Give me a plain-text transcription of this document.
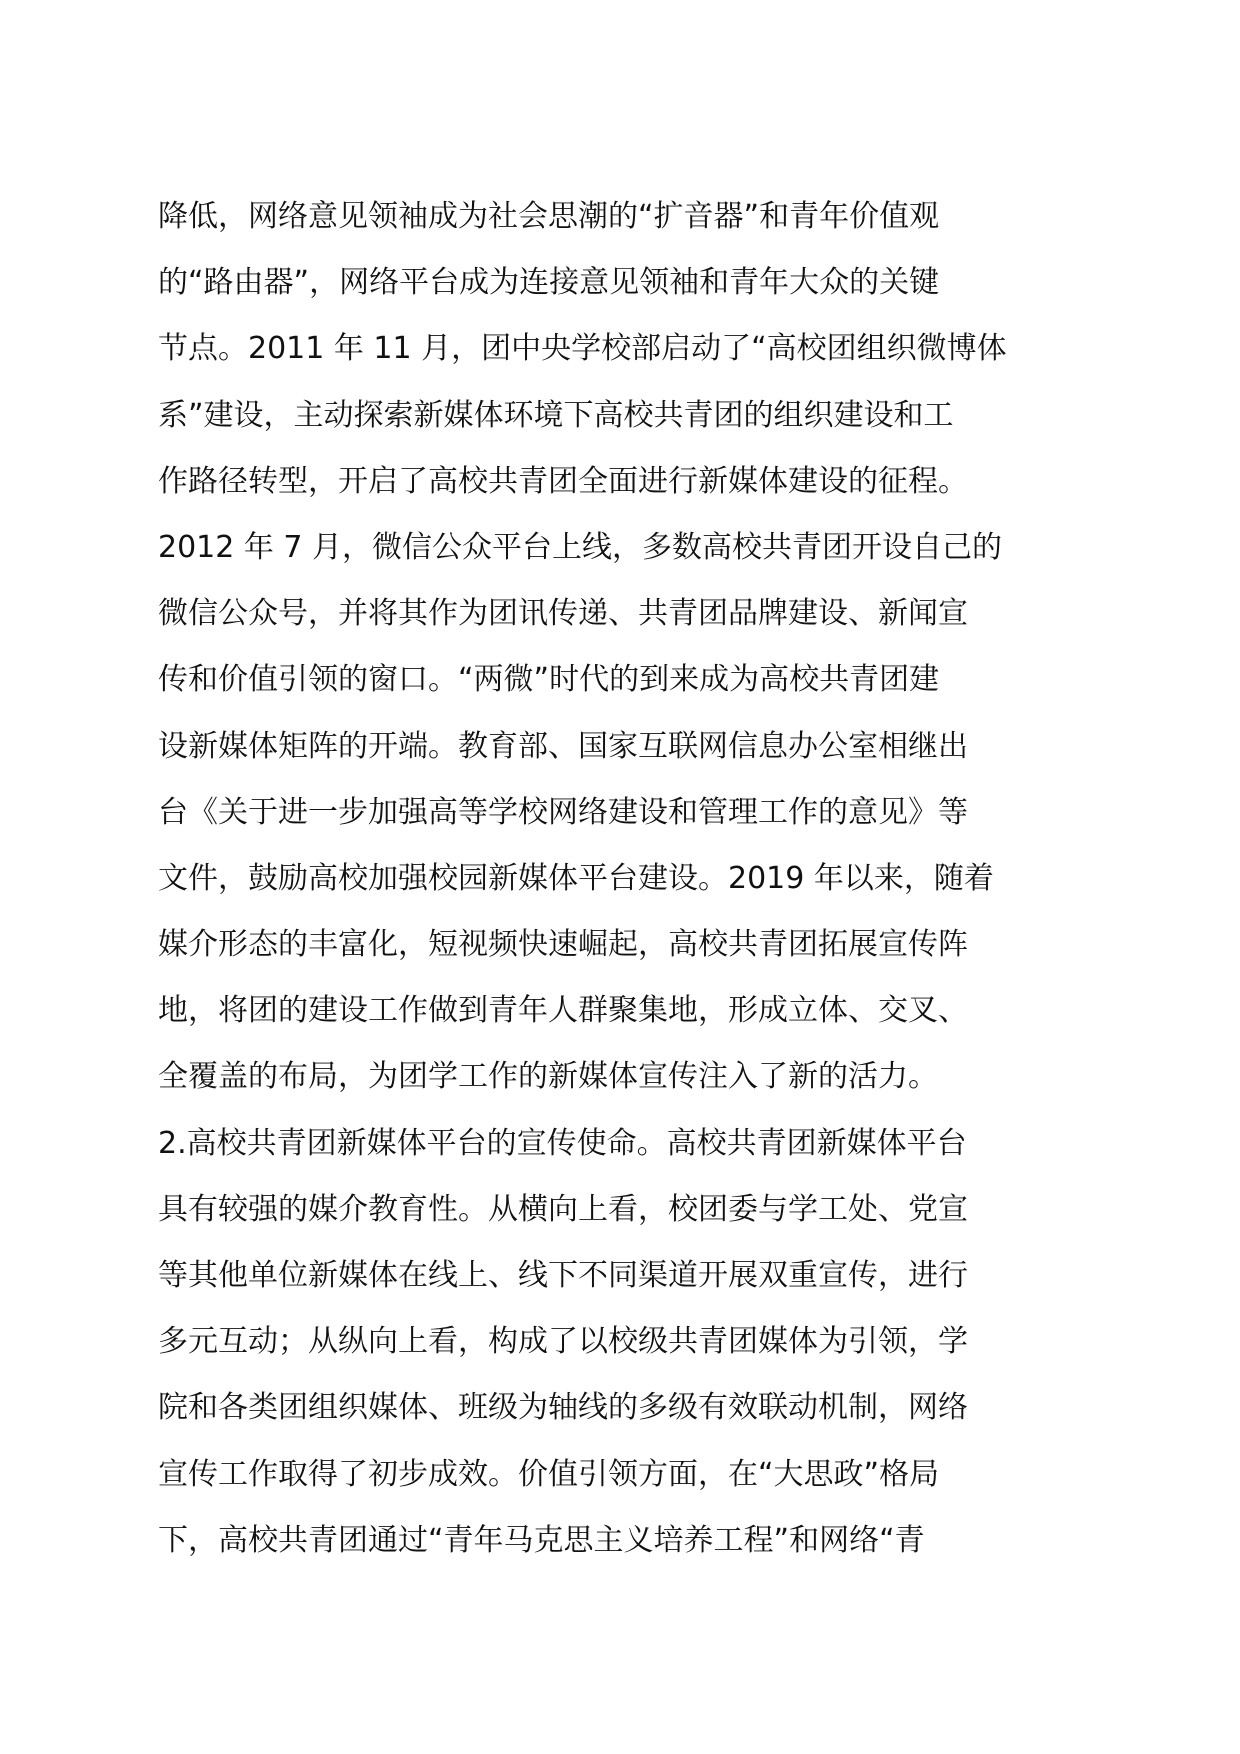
降低，网络意见领袖成为社会思潮的“扩音器”和青年价值观
的“路由器”，网络平台成为连接意见领袖和青年大众的关键
节点。2011 年 11 月，团中央学校部启动了“高校团组织微博体
系”建设，主动探索新媒体环境下高校共青团的组织建设和工
作路径转型，开启了高校共青团全面进行新媒体建设的征程。
2012 年 7 月，微信公众平台上线，多数高校共青团开设自己的
微信公众号，并将其作为团讯传递、共青团品牌建设、新闻宣
传和价值引领的窗口。“两微”时代的到来成为高校共青团建
设新媒体矩阵的开端。教育部、国家互联网信息办公室相继出
台《关于进一步加强高等学校网络建设和管理工作的意见》等
文件，鼓励高校加强校园新媒体平台建设。2019 年以来，随着
媒介形态的丰富化，短视频快速崛起，高校共青团拓展宣传阵
地，将团的建设工作做到青年人群聚集地，形成立体、交叉、
全覆盖的布局，为团学工作的新媒体宣传注入了新的活力。
2.高校共青团新媒体平台的宣传使命。高校共青团新媒体平台
具有较强的媒介教育性。从横向上看，校团委与学工处、党宣
等其他单位新媒体在线上、线下不同渠道开展双重宣传，进行
多元互动；从纵向上看，构成了以校级共青团媒体为引领，学
院和各类团组织媒体、班级为轴线的多级有效联动机制，网络
宣传工作取得了初步成效。价值引领方面，在“大思政”格局
下，高校共青团通过“青年马克思主义培养工程”和网络“青
